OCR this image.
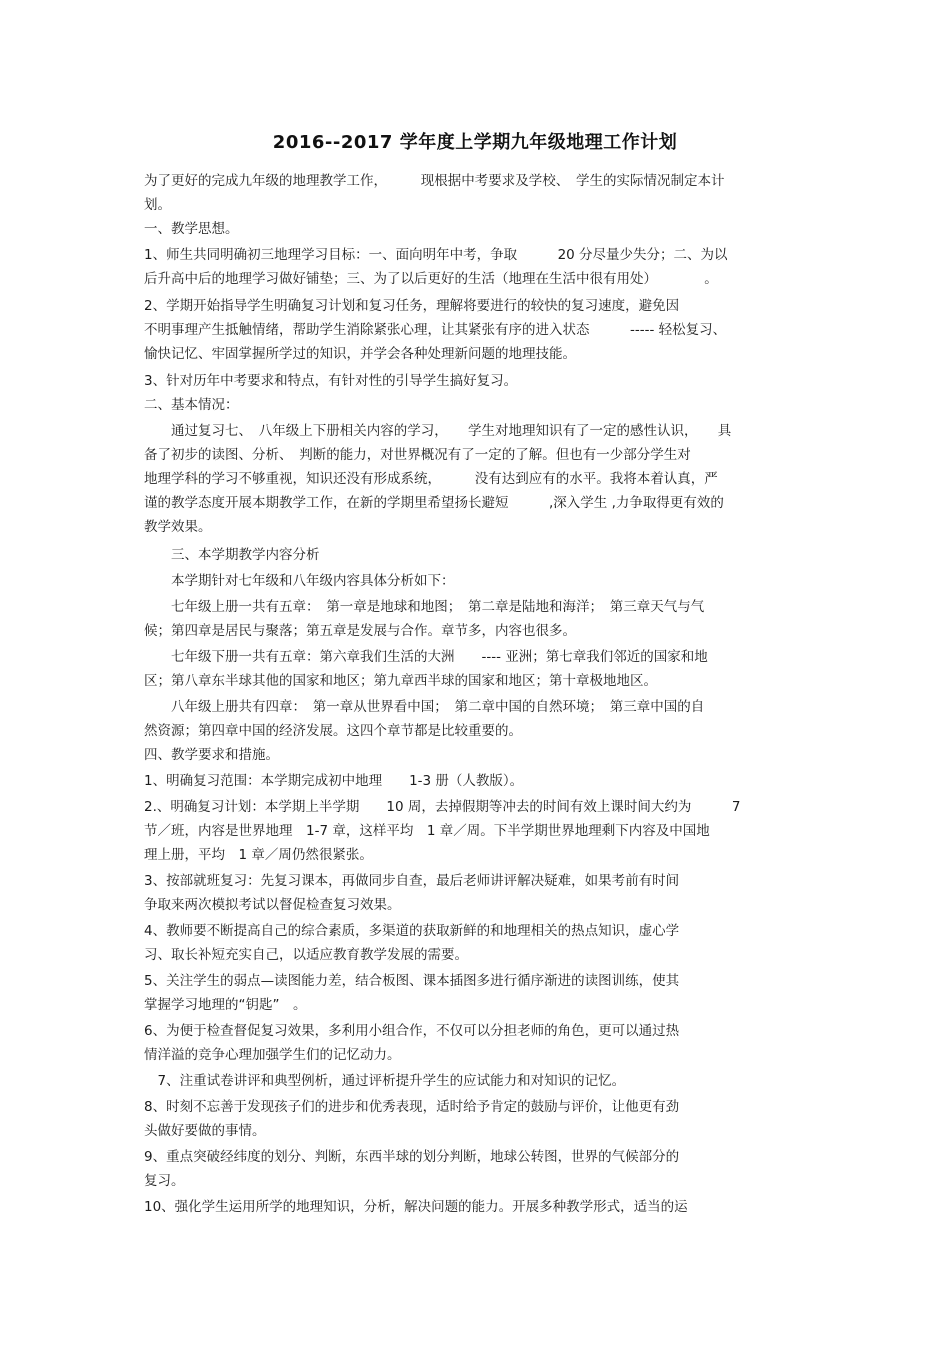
2016--2017 学年度上学期九年级地理工作计划
为了更好的完成九年级的地理教学工作，　　　现根据中考要求及学校、　学生的实际情况制定本计
划。
一、教学思想。
1、师生共同明确初三地理学习目标：一、面向明年中考，争取　　　20 分尽量少失分；二、为以
后升高中后的地理学习做好铺垫；三、为了以后更好的生活（地理在生活中很有用处）　　　　。
2、学期开始指导学生明确复习计划和复习任务，理解将要进行的较快的复习速度，避免因
不明事理产生抵触情绪，帮助学生消除紧张心理，让其紧张有序的进入状态　　　----- 轻松复习、
愉快记忆、牢固掌握所学过的知识，并学会各种处理新问题的地理技能。
3、针对历年中考要求和特点，有针对性的引导学生搞好复习。
二、基本情况：
　　通过复习七、　八年级上下册相关内容的学习，　　学生对地理知识有了一定的感性认识，　　具
备了初步的读图、分析、　判断的能力，对世界概况有了一定的了解。但也有一少部分学生对
地理学科的学习不够重视，知识还没有形成系统，　　　没有达到应有的水平。我将本着认真，严
谨的教学态度开展本期教学工作，在新的学期里希望扬长避短　　　,深入学生 ,力争取得更有效的
教学效果。
　　三、本学期教学内容分析
　　本学期针对七年级和八年级内容具体分析如下：
　　七年级上册一共有五章：　第一章是地球和地图；　第二章是陆地和海洋；　第三章天气与气
候；第四章是居民与聚落；第五章是发展与合作。章节多，内容也很多。
　　七年级下册一共有五章：第六章我们生活的大洲　　---- 亚洲；第七章我们邻近的国家和地
区；第八章东半球其他的国家和地区；第九章西半球的国家和地区；第十章极地地区。
　　八年级上册共有四章：　第一章从世界看中国；　第二章中国的自然环境；　第三章中国的自
然资源；第四章中国的经济发展。这四个章节都是比较重要的。
四、教学要求和措施。
1、明确复习范围：本学期完成初中地理　　1-3 册（人教版）。
2.、明确复习计划：本学期上半学期　　10 周，去掉假期等冲去的时间有效上课时间大约为　　　7
节／班，内容是世界地理　1-7 章，这样平均　1 章／周。下半学期世界地理剩下内容及中国地
理上册，平均　1 章／周仍然很紧张。
3、按部就班复习：先复习课本，再做同步自查，最后老师讲评解决疑难，如果考前有时间
争取来两次模拟考试以督促检查复习效果。
4、教师要不断提高自己的综合素质，多渠道的获取新鲜的和地理相关的热点知识，虚心学
习、取长补短充实自己，以适应教育教学发展的需要。
5、关注学生的弱点—读图能力差，结合板图、课本插图多进行循序渐进的读图训练，使其
掌握学习地理的“钥匙”　。
6、为便于检查督促复习效果，多利用小组合作，不仅可以分担老师的角色，更可以通过热
情洋溢的竞争心理加强学生们的记忆动力。
　7、注重试卷讲评和典型例析，通过评析提升学生的应试能力和对知识的记忆。
8、时刻不忘善于发现孩子们的进步和优秀表现，适时给予肯定的鼓励与评价，让他更有劲
头做好要做的事情。
9、重点突破经纬度的划分、判断，东西半球的划分判断，地球公转图，世界的气候部分的
复习。
10、强化学生运用所学的地理知识，分析，解决问题的能力。开展多种教学形式，适当的运
